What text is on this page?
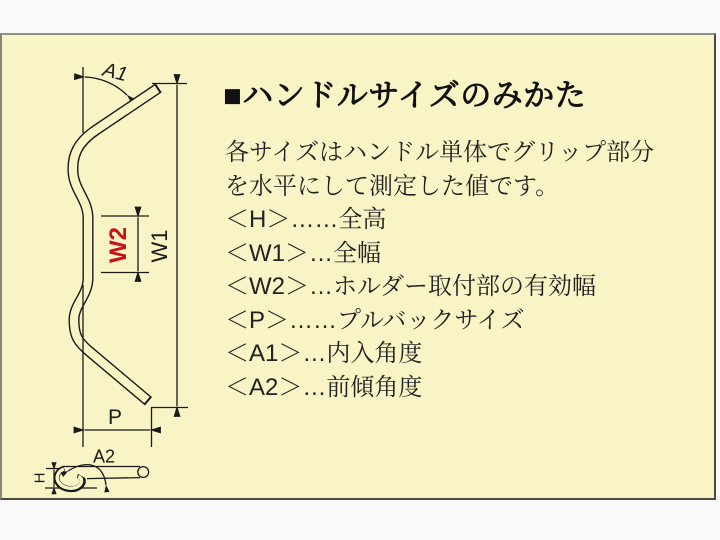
A1
W2 W1
P
A2
H
■ハンドルサイズのみかた
各サイズはハンドル単体でグリップ部分
を水平にして測定した値です。
＜H＞……全高
＜W1＞…全幅
＜W2＞…ホルダー取付部の有効幅
＜P＞……プルバックサイズ
＜A1＞…内入角度
＜A2＞…前傾角度
